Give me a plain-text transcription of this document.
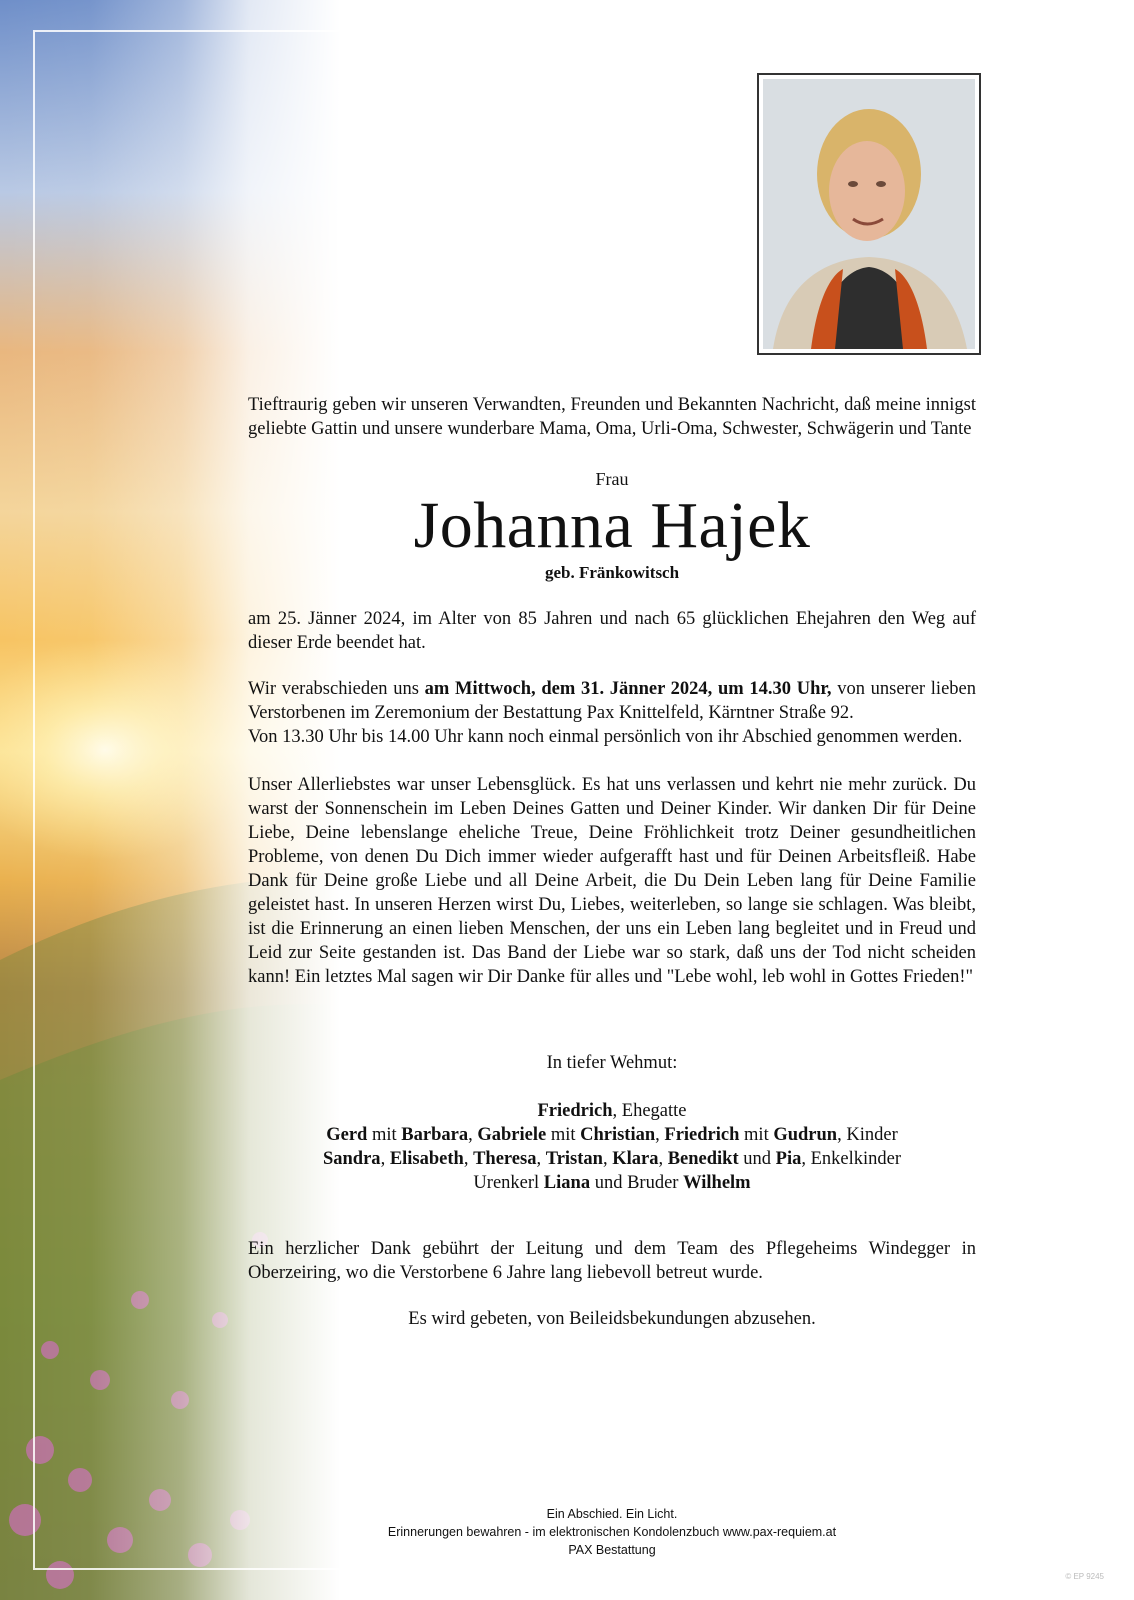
Tieftraurig geben wir unseren Verwandten, Freunden und Bekannten Nachricht, daß meine innigst geliebte Gattin und unsere wunderbare Mama, Oma, Urli-Oma, Schwester, Schwägerin und Tante

Frau

Johanna Hajek

geb. Fränkowitsch

am 25. Jänner 2024, im Alter von 85 Jahren und nach 65 glücklichen Ehejahren den Weg auf dieser Erde beendet hat.

Wir verabschieden uns am Mittwoch, dem 31. Jänner 2024, um 14.30 Uhr, von unserer lieben Verstorbenen im Zeremonium der Bestattung Pax Knittelfeld, Kärntner Straße 92.

Von 13.30 Uhr bis 14.00 Uhr kann noch einmal persönlich von ihr Abschied genommen werden.

Unser Allerliebstes war unser Lebensglück. Es hat uns verlassen und kehrt nie mehr zurück. Du warst der Sonnenschein im Leben Deines Gatten und Deiner Kinder. Wir danken Dir für Deine Liebe, Deine lebenslange eheliche Treue, Deine Fröhlichkeit trotz Deiner gesundheitlichen Probleme, von denen Du Dich immer wieder aufgerafft hast und für Deinen Arbeitsfleiß. Habe Dank für Deine große Liebe und all Deine Arbeit, die Du Dein Leben lang für Deine Familie geleistet hast. In unseren Herzen wirst Du, Liebes, weiterleben, so lange sie schlagen. Was bleibt, ist die Erinnerung an einen lieben Menschen, der uns ein Leben lang begleitet und in Freud und Leid zur Seite gestanden ist. Das Band der Liebe war so stark, daß uns der Tod nicht scheiden kann! Ein letztes Mal sagen wir Dir Danke für alles und "Lebe wohl, leb wohl in Gottes Frieden!"

In tiefer Wehmut:

Friedrich, Ehegatte

Gerd mit Barbara, Gabriele mit Christian, Friedrich mit Gudrun, Kinder

Sandra, Elisabeth, Theresa, Tristan, Klara, Benedikt und Pia, Enkelkinder

Urenkerl Liana und Bruder Wilhelm

Ein herzlicher Dank gebührt der Leitung und dem Team des Pflegeheims Windegger in Oberzeiring, wo die Verstorbene 6 Jahre lang liebevoll betreut wurde.

Es wird gebeten, von Beileidsbekundungen abzusehen.

Ein Abschied. Ein Licht.
Erinnerungen bewahren - im elektronischen Kondolenzbuch www.pax-requiem.at
PAX Bestattung
© EP 9245
